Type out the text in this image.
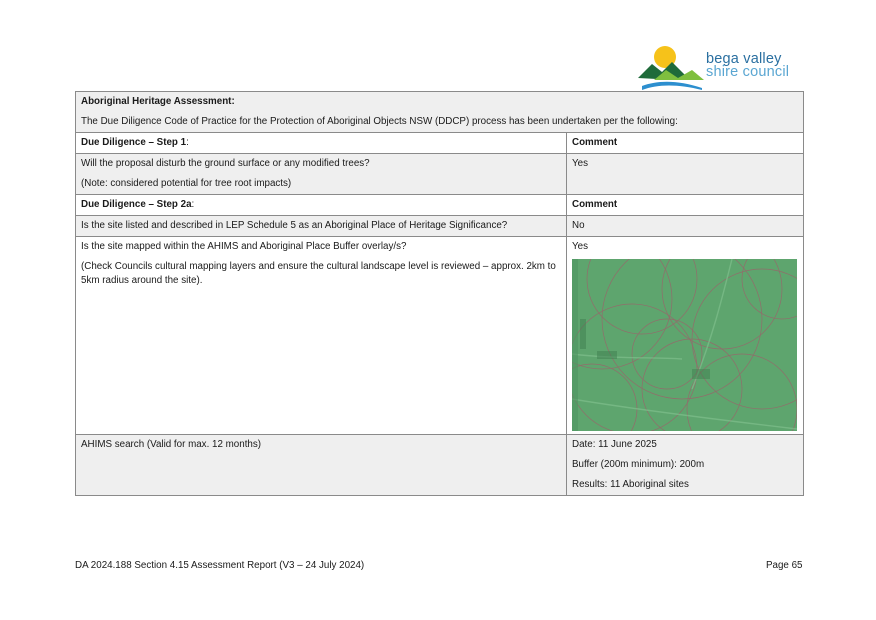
bega valley
shire council

Aboriginal Heritage Assessment:

The Due Diligence Code of Practice for the Protection of Aboriginal Objects NSW (DDCP) process has been undertaken per the following:	

Due Diligence – Step 1:	Comment

Will the proposal disturb the ground surface or any modified trees?

(Note: considered potential for tree root impacts)	Yes
Due Diligence – Step 2a:	Comment
Is the site listed and described in LEP Schedule 5 as an Aboriginal Place of Heritage Significance?	No

Is the site mapped within the AHIMS and Aboriginal Place Buffer overlay/s?

(Check Councils cultural mapping layers and ensure the cultural landscape level is reviewed – approx. 2km to 5km radius around the site).	Yes

AHIMS search (Valid for max. 12 months)	Date: 11 June 2025

Buffer (200m minimum): 200m

Results: 11 Aboriginal sites

DA 2024.188 Section 4.15 Assessment Report (V3 – 24 July 2024)	Page 65
